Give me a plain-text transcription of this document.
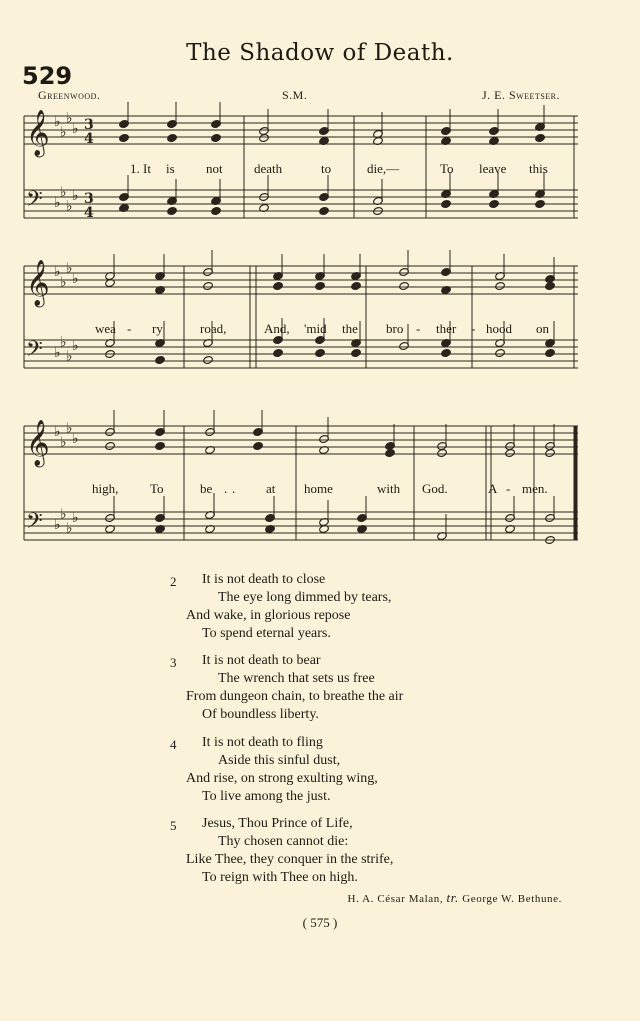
The Shadow of Death.
529
Greenwood.	S.M.	J. E. Sweetser.
𝄞 ♭
♭
♭
♭ 3
4
𝄢 ♭
♭
♭
♭ 3
4
1. It is not death	to	die,—	To leave this
𝄞 ♭
♭
♭
♭
𝄢 ♭
♭
♭
♭
wea - ry	road,	And, 'mid the bro - ther - hood on
𝄞 ♭
♭
♭
♭
𝄢 ♭
♭
♭
♭
high, To	be . . at home	with God.	A - men.
2	It is not death to close
The eye long dimmed by tears,
And wake, in glorious repose
To spend eternal years.
3	It is not death to bear
The wrench that sets us free
From dungeon chain, to breathe the air
Of boundless liberty.
4	It is not death to fling
Aside this sinful dust,
And rise, on strong exulting wing,
To live among the just.
5	Jesus, Thou Prince of Life,
Thy chosen cannot die:
Like Thee, they conquer in the strife,
To reign with Thee on high.
H. A. César Malan, tr. George W. Bethune.
( 575 )
